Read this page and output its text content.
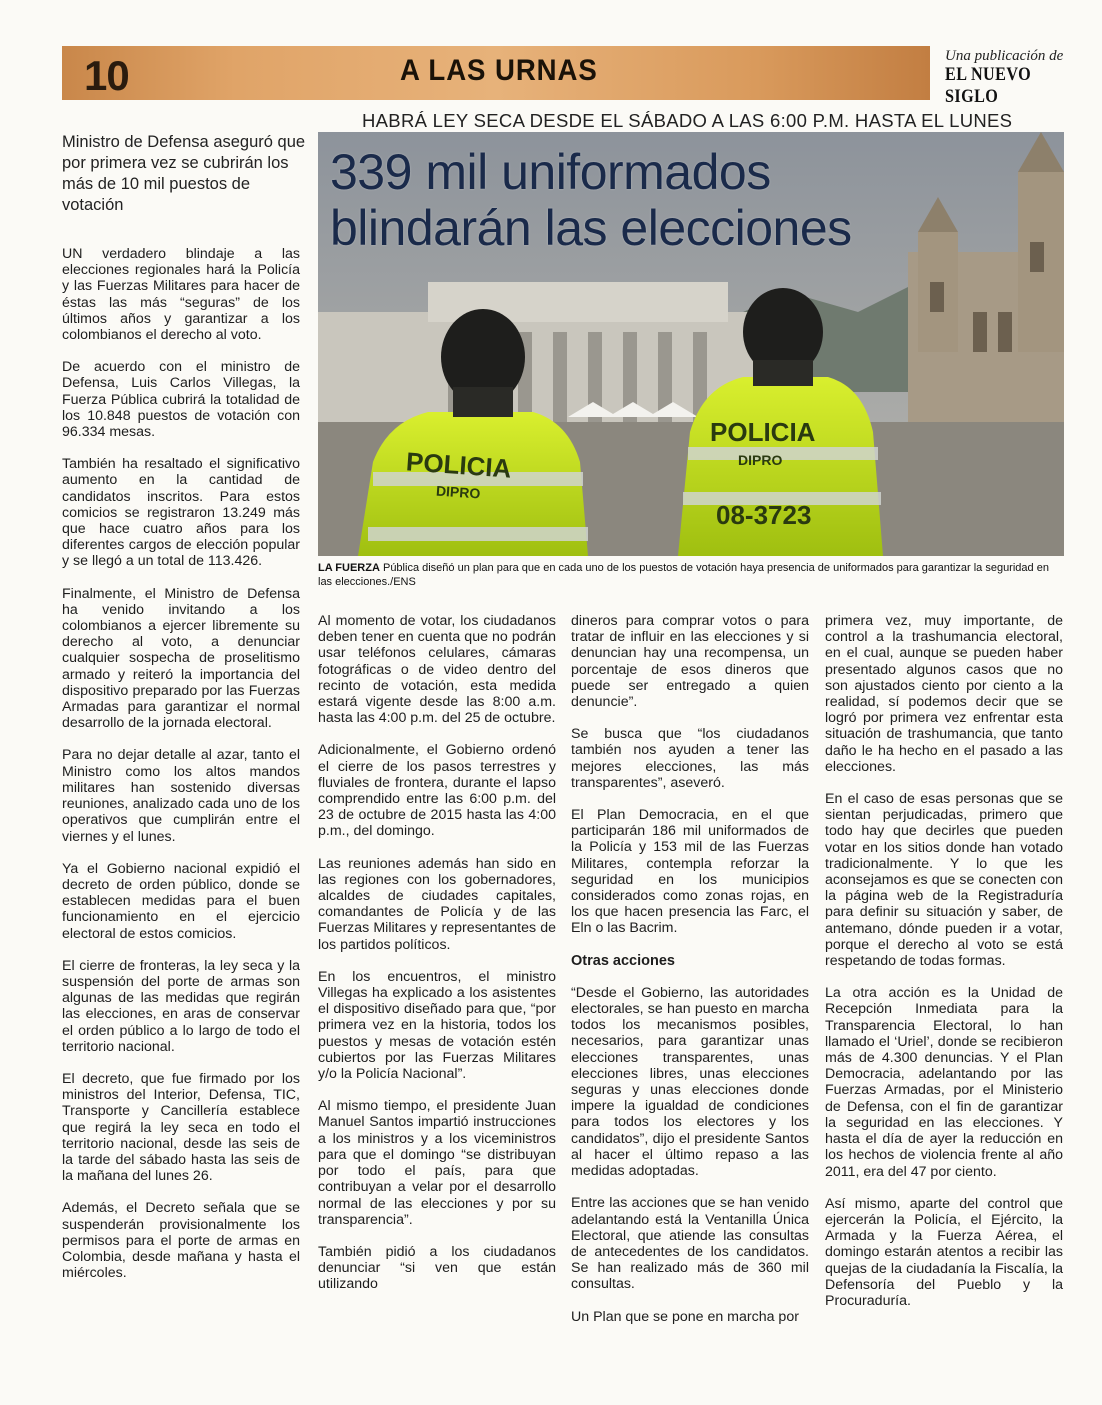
10	A LAS URNAS	Una publicación de
EL NUEVO SIGLO
HABRÁ LEY SECA DESDE EL SÁBADO A LAS 6:00 P.M. HASTA EL LUNES
Ministro de Defensa aseguró que por primera vez se cubrirán los más de 10 mil puestos de votación
339 mil uniformados
blindarán las elecciones
POLICIA
DIPRO
POLICIA
DIPRO
08-3723
LA FUERZA Pública diseñó un plan para que en cada uno de los puestos de votación haya presencia de uniformados para garantizar la seguridad en las elecciones./ENS

UN verdadero blindaje a las elecciones regionales hará la Policía y las Fuerzas Militares para hacer de éstas las más “seguras” de los últimos años y garantizar a los colombianos el derecho al voto.

De acuerdo con el ministro de Defensa, Luis Carlos Villegas, la Fuerza Pública cubrirá la totalidad de los 10.848 puestos de votación con 96.334 mesas.

También ha resaltado el significativo aumento en la cantidad de candidatos inscritos. Para estos comicios se registraron 13.249 más que hace cuatro años para los diferentes cargos de elección popular y se llegó a un total de 113.426.

Finalmente, el Ministro de Defensa ha venido invitando a los colombianos a ejercer libremente su derecho al voto, a denunciar cualquier sospecha de proselitismo armado y reiteró la importancia del dispositivo preparado por las Fuerzas Armadas para garantizar el normal desarrollo de la jornada electoral.

Para no dejar detalle al azar, tanto el Ministro como los altos mandos militares han sostenido diversas reuniones, analizado cada uno de los operativos que cumplirán entre el viernes y el lunes.

Ya el Gobierno nacional expidió el decreto de orden público, donde se establecen medidas para el buen funcionamiento en el ejercicio electoral de estos comicios.

El cierre de fronteras, la ley seca y la suspensión del porte de armas son algunas de las medidas que regirán las elecciones, en aras de conservar el orden público a lo largo de todo el territorio nacional.

El decreto, que fue firmado por los ministros del Interior, Defensa, TIC, Transporte y Cancillería establece que regirá la ley seca en todo el territorio nacional, desde las seis de la tarde del sábado hasta las seis de la mañana del lunes 26.

Además, el Decreto señala que se suspenderán provisionalmente los permisos para el porte de armas en Colombia, desde mañana y hasta el miércoles.

Al momento de votar, los ciudadanos deben tener en cuenta que no podrán usar teléfonos celulares, cámaras fotográficas o de video dentro del recinto de votación, esta medida estará vigente desde las 8:00 a.m. hasta las 4:00 p.m. del 25 de octubre.

Adicionalmente, el Gobierno ordenó el cierre de los pasos terrestres y fluviales de frontera, durante el lapso comprendido entre las 6:00 p.m. del 23 de octubre de 2015 hasta las 4:00 p.m., del domingo.

Las reuniones además han sido en las regiones con los gobernadores, alcaldes de ciudades capitales, comandantes de Policía y de las Fuerzas Militares y representantes de los partidos políticos.

En los encuentros, el ministro Villegas ha explicado a los asistentes el dispositivo diseñado para que, “por primera vez en la historia, todos los puestos y mesas de votación estén cubiertos por las Fuerzas Militares y/o la Policía Nacional”.

Al mismo tiempo, el presidente Juan Manuel Santos impartió instrucciones a los ministros y a los viceministros para que el domingo “se distribuyan por todo el país, para que contribuyan a velar por el desarrollo normal de las elecciones y por su transparencia”.

También pidió a los ciudadanos denunciar “si ven que están utilizando

dineros para comprar votos o para tratar de influir en las elecciones y si denuncian hay una recompensa, un porcentaje de esos dineros que puede ser entregado a quien denuncie”.

Se busca que “los ciudadanos también nos ayuden a tener las mejores elecciones, las más transparentes”, aseveró.

El Plan Democracia, en el que participarán 186 mil uniformados de la Policía y 153 mil de las Fuerzas Militares, contempla reforzar la seguridad en los municipios considerados como zonas rojas, en los que hacen presencia las Farc, el Eln o las Bacrim.

Otras acciones

“Desde el Gobierno, las autoridades electorales, se han puesto en marcha todos los mecanismos posibles, necesarios, para garantizar unas elecciones transparentes, unas elecciones libres, unas elecciones seguras y unas elecciones donde impere la igualdad de condiciones para todos los electores y los candidatos”, dijo el presidente Santos al hacer el último repaso a las medidas adoptadas.

Entre las acciones que se han venido adelantando está la Ventanilla Única Electoral, que atiende las consultas de antecedentes de los candidatos. Se han realizado más de 360 mil consultas.

Un Plan que se pone en marcha por

primera vez, muy importante, de control a la trashumancia electoral, en el cual, aunque se pueden haber presentado algunos casos que no son ajustados ciento por ciento a la realidad, sí podemos decir que se logró por primera vez enfrentar esta situación de trashumancia, que tanto daño le ha hecho en el pasado a las elecciones.

En el caso de esas personas que se sientan perjudicadas, primero que todo hay que decirles que pueden votar en los sitios donde han votado tradicionalmente. Y lo que les aconsejamos es que se conecten con la página web de la Registraduría para definir su situación y saber, de antemano, dónde pueden ir a votar, porque el derecho al voto se está respetando de todas formas.

La otra acción es la Unidad de Recepción Inmediata para la Transparencia Electoral, lo han llamado el ‘Uriel’, donde se recibieron más de 4.300 denuncias. Y el Plan Democracia, adelantando por las Fuerzas Armadas, por el Ministerio de Defensa, con el fin de garantizar la seguridad en las elecciones. Y hasta el día de ayer la reducción en los hechos de violencia frente al año 2011, era del 47 por ciento.

Así mismo, aparte del control que ejercerán la Policía, el Ejército, la Armada y la Fuerza Aérea, el domingo estarán atentos a recibir las quejas de la ciudadanía la Fiscalía, la Defensoría del Pueblo y la Procuraduría.
